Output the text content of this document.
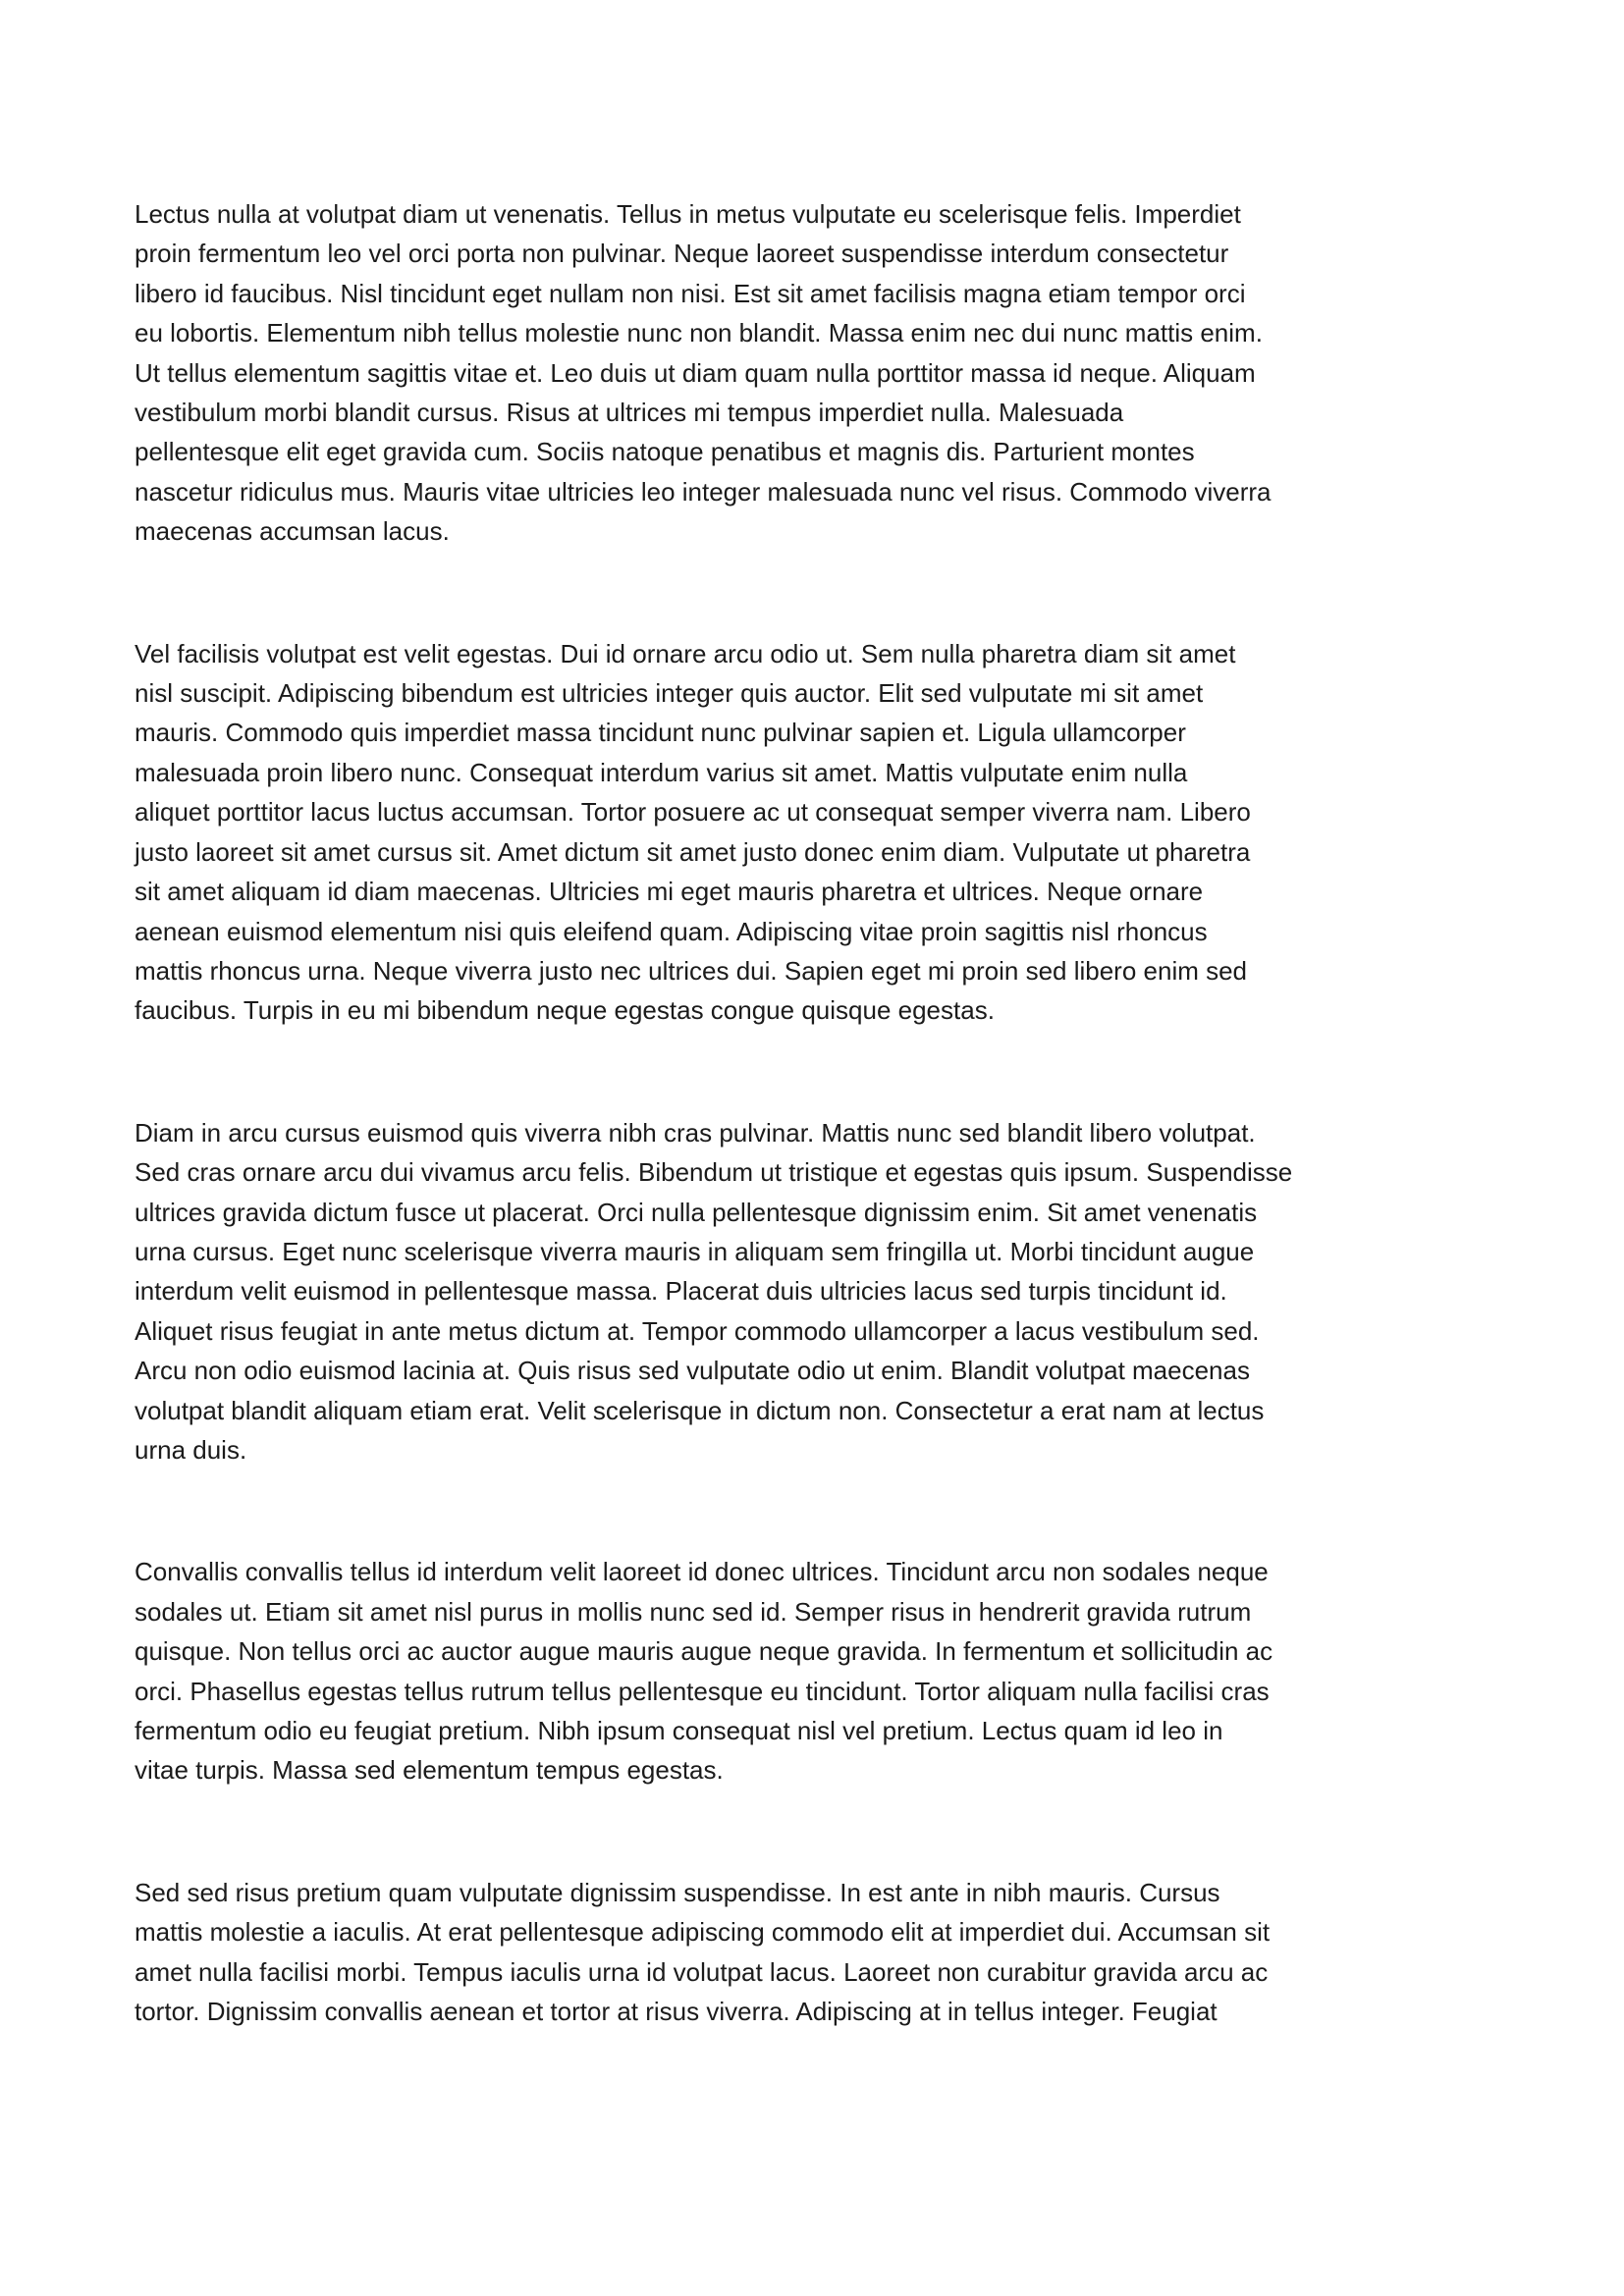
Lectus nulla at volutpat diam ut venenatis. Tellus in metus vulputate eu scelerisque felis. Imperdiet
proin fermentum leo vel orci porta non pulvinar. Neque laoreet suspendisse interdum consectetur
libero id faucibus. Nisl tincidunt eget nullam non nisi. Est sit amet facilisis magna etiam tempor orci
eu lobortis. Elementum nibh tellus molestie nunc non blandit. Massa enim nec dui nunc mattis enim.
Ut tellus elementum sagittis vitae et. Leo duis ut diam quam nulla porttitor massa id neque. Aliquam
vestibulum morbi blandit cursus. Risus at ultrices mi tempus imperdiet nulla. Malesuada
pellentesque elit eget gravida cum. Sociis natoque penatibus et magnis dis. Parturient montes
nascetur ridiculus mus. Mauris vitae ultricies leo integer malesuada nunc vel risus. Commodo viverra
maecenas accumsan lacus.

Vel facilisis volutpat est velit egestas. Dui id ornare arcu odio ut. Sem nulla pharetra diam sit amet
nisl suscipit. Adipiscing bibendum est ultricies integer quis auctor. Elit sed vulputate mi sit amet
mauris. Commodo quis imperdiet massa tincidunt nunc pulvinar sapien et. Ligula ullamcorper
malesuada proin libero nunc. Consequat interdum varius sit amet. Mattis vulputate enim nulla
aliquet porttitor lacus luctus accumsan. Tortor posuere ac ut consequat semper viverra nam. Libero
justo laoreet sit amet cursus sit. Amet dictum sit amet justo donec enim diam. Vulputate ut pharetra
sit amet aliquam id diam maecenas. Ultricies mi eget mauris pharetra et ultrices. Neque ornare
aenean euismod elementum nisi quis eleifend quam. Adipiscing vitae proin sagittis nisl rhoncus
mattis rhoncus urna. Neque viverra justo nec ultrices dui. Sapien eget mi proin sed libero enim sed
faucibus. Turpis in eu mi bibendum neque egestas congue quisque egestas.

Diam in arcu cursus euismod quis viverra nibh cras pulvinar. Mattis nunc sed blandit libero volutpat.
Sed cras ornare arcu dui vivamus arcu felis. Bibendum ut tristique et egestas quis ipsum. Suspendisse
ultrices gravida dictum fusce ut placerat. Orci nulla pellentesque dignissim enim. Sit amet venenatis
urna cursus. Eget nunc scelerisque viverra mauris in aliquam sem fringilla ut. Morbi tincidunt augue
interdum velit euismod in pellentesque massa. Placerat duis ultricies lacus sed turpis tincidunt id.
Aliquet risus feugiat in ante metus dictum at. Tempor commodo ullamcorper a lacus vestibulum sed.
Arcu non odio euismod lacinia at. Quis risus sed vulputate odio ut enim. Blandit volutpat maecenas
volutpat blandit aliquam etiam erat. Velit scelerisque in dictum non. Consectetur a erat nam at lectus
urna duis.

Convallis convallis tellus id interdum velit laoreet id donec ultrices. Tincidunt arcu non sodales neque
sodales ut. Etiam sit amet nisl purus in mollis nunc sed id. Semper risus in hendrerit gravida rutrum
quisque. Non tellus orci ac auctor augue mauris augue neque gravida. In fermentum et sollicitudin ac
orci. Phasellus egestas tellus rutrum tellus pellentesque eu tincidunt. Tortor aliquam nulla facilisi cras
fermentum odio eu feugiat pretium. Nibh ipsum consequat nisl vel pretium. Lectus quam id leo in
vitae turpis. Massa sed elementum tempus egestas.

Sed sed risus pretium quam vulputate dignissim suspendisse. In est ante in nibh mauris. Cursus
mattis molestie a iaculis. At erat pellentesque adipiscing commodo elit at imperdiet dui. Accumsan sit
amet nulla facilisi morbi. Tempus iaculis urna id volutpat lacus. Laoreet non curabitur gravida arcu ac
tortor. Dignissim convallis aenean et tortor at risus viverra. Adipiscing at in tellus integer. Feugiat
